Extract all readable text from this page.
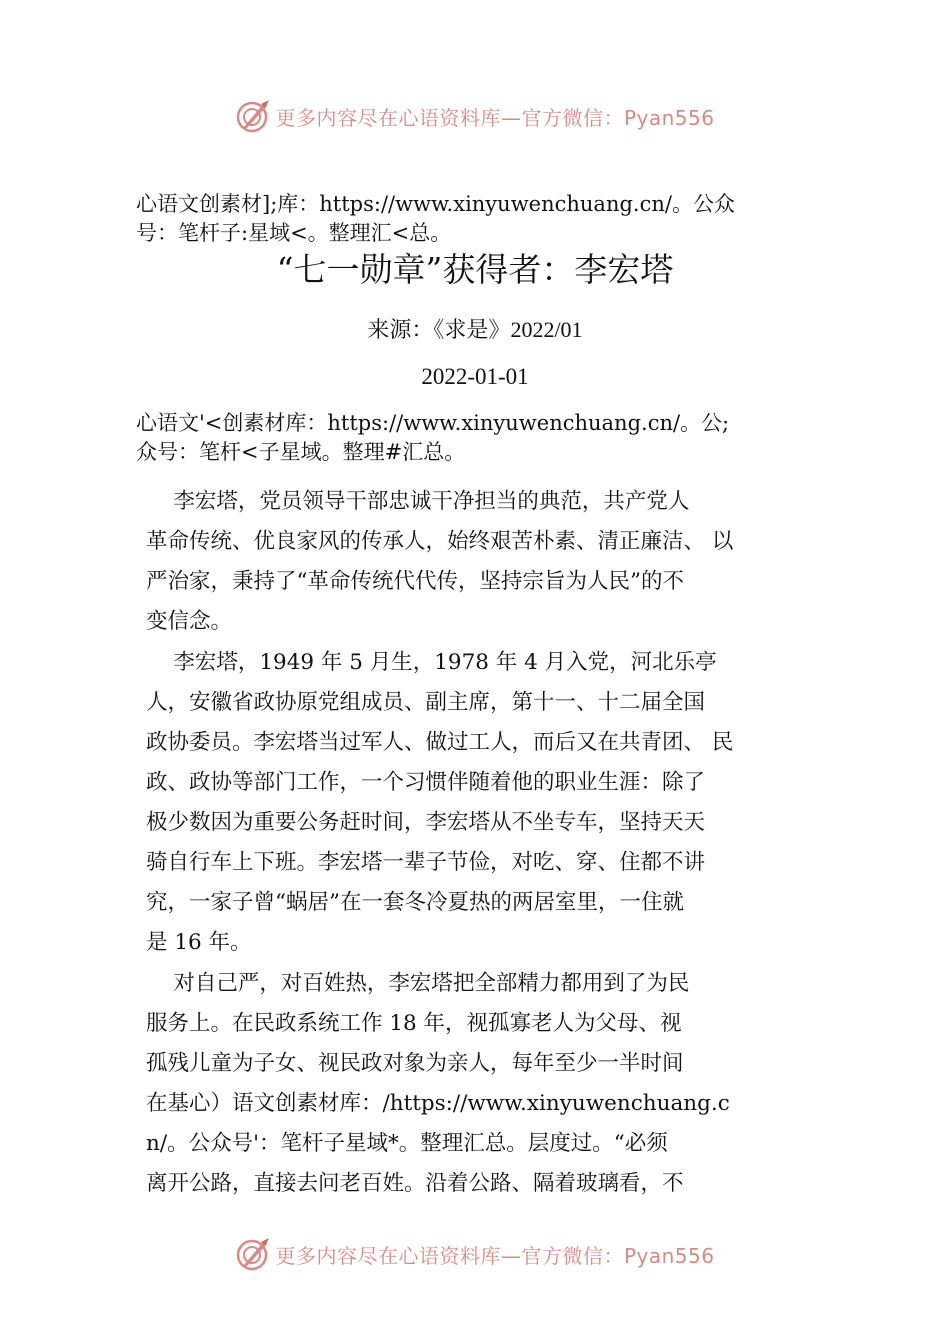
更多内容尽在心语资料库—官方微信：Pyan556
心语文创素材];库：https://www.xinyuwenchuang.cn/。公众
号：笔杆子:星域<。整理汇<总。
“七一勋章”获得者：李宏塔
来源：《求是》2022/01
2022-01-01
心语文'<创素材库：https://www.xinyuwenchuang.cn/。公;
众号：笔杆<子星域。整理#汇总。
李宏塔，党员领导干部忠诚干净担当的典范，共产党人
革命传统、优良家风的传承人，始终艰苦朴素、清正廉洁、 以
严治家，秉持了“革命传统代代传，坚持宗旨为人民”的不
变信念。
李宏塔，1949 年 5 月生，1978 年 4 月入党，河北乐亭
人，安徽省政协原党组成员、副主席，第十一、十二届全国
政协委员。李宏塔当过军人、做过工人，而后又在共青团、 民
政、政协等部门工作，一个习惯伴随着他的职业生涯：除了
极少数因为重要公务赶时间，李宏塔从不坐专车，坚持天天
骑自行车上下班。李宏塔一辈子节俭，对吃、穿、住都不讲
究，一家子曾“蜗居”在一套冬冷夏热的两居室里，一住就
是 16 年。
对自己严，对百姓热，李宏塔把全部精力都用到了为民
服务上。在民政系统工作 18 年，视孤寡老人为父母、视
孤残儿童为子女、视民政对象为亲人，每年至少一半时间
在基心）语文创素材库：/https://www.xinyuwenchuang.c
n/。公众号'：笔杆子星域*。整理汇总。层度过。“必须
离开公路，直接去问老百姓。沿着公路、隔着玻璃看，不
更多内容尽在心语资料库—官方微信：Pyan556
